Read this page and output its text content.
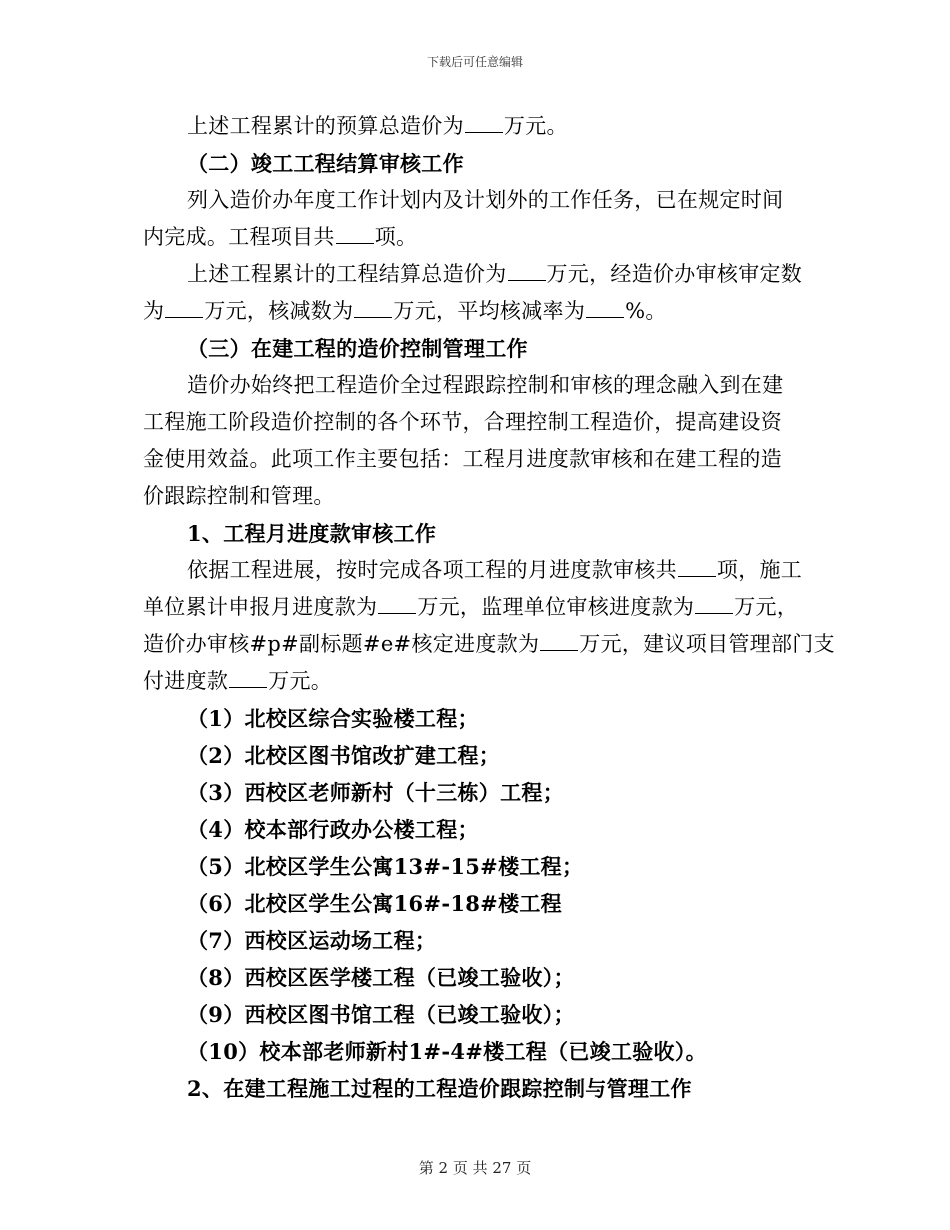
下载后可任意编辑
上述工程累计的预算总造价为 万元。
（二）竣工工程结算审核工作
列入造价办年度工作计划内及计划外的工作任务，已在规定时间
内完成。工程项目共 项。
上述工程累计的工程结算总造价为 万元，经造价办审核审定数
为 万元，核减数为 万元，平均核减率为 %。
（三）在建工程的造价控制管理工作
造价办始终把工程造价全过程跟踪控制和审核的理念融入到在建
工程施工阶段造价控制的各个环节，合理控制工程造价，提高建设资
金使用效益。此项工作主要包括：工程月进度款审核和在建工程的造
价跟踪控制和管理。
1、工程月进度款审核工作
依据工程进展，按时完成各项工程的月进度款审核共 项，施工
单位累计申报月进度款为 万元，监理单位审核进度款为 万元，
造价办审核#p#副标题#e#核定进度款为 万元，建议项目管理部门支
付进度款 万元。
（1）北校区综合实验楼工程；
（2）北校区图书馆改扩建工程；
（3）西校区老师新村（十三栋）工程；
（4）校本部行政办公楼工程；
（5）北校区学生公寓13#-15#楼工程；
（6）北校区学生公寓16#-18#楼工程
（7）西校区运动场工程；
（8）西校区医学楼工程（已竣工验收）；
（9）西校区图书馆工程（已竣工验收）；
（10）校本部老师新村1#-4#楼工程（已竣工验收）。
2、在建工程施工过程的工程造价跟踪控制与管理工作
第 2 页 共 27 页
